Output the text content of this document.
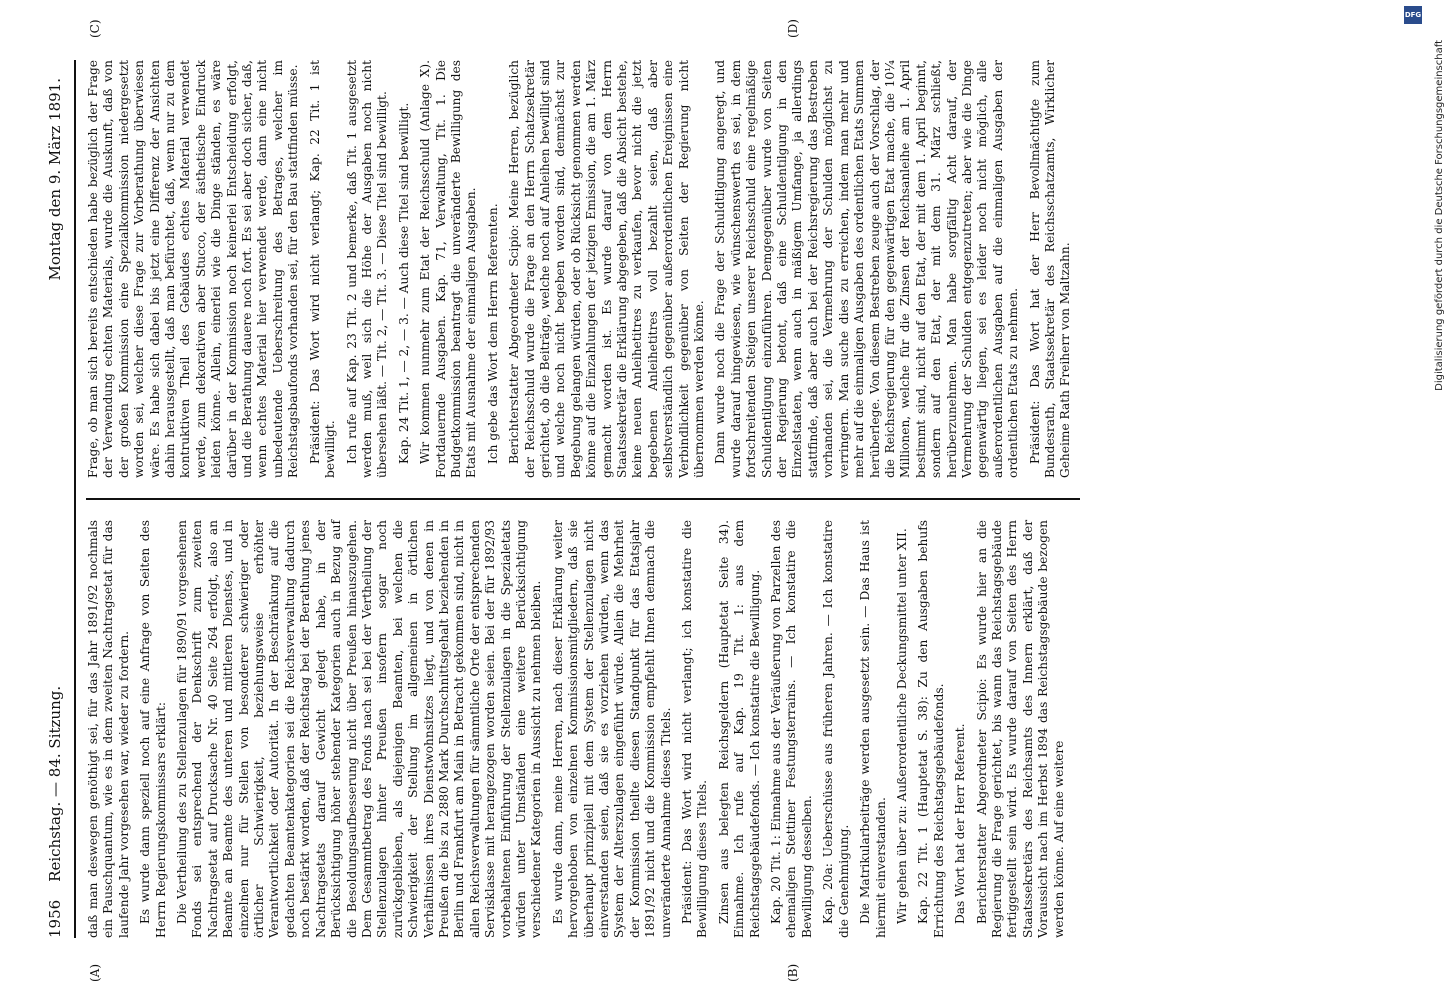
1956
Reichstag. — 84. Sitzung.
Montag den 9. März 1891.
(A)	(B)
(C)	(D)

daß man deswegen genöthigt sei, für das Jahr 1891/92 nochmals ein Pauschquantum, wie es in dem zweiten Nachtragsetat für das laufende Jahr vorgesehen war, wieder zu fordern. Es wurde dann speziell noch auf eine Anfrage von Seiten des Herrn Regierungskommissars erklärt: Die Vertheilung des zu Stellenzulagen für 1890/91 vorgesehenen Fonds sei entsprechend der Denkschrift zum zweiten Nachtragsetat auf Drucksache Nr. 40 Seite 264 erfolgt, also an Beamte an Beamte des unteren und mittleren Dienstes, und in einzelnen nur für Stellen von besonderer schwieriger oder örtlicher Schwierigkeit, beziehungsweise erhöhter Verantwortlichkeit oder Autorität. In der Beschränkung auf die gedachten Beamtenkategorien sei die Reichsverwaltung dadurch noch bestärkt worden, daß der Reichstag bei der Berathung jenes Nachtragsetats darauf Gewicht gelegt habe, in der Berücksichtigung höher stehender Kategorien auch in Bezug auf die Besoldungsaufbesserung nicht über Preußen hinauszugehen. Dem Gesammtbetrag des Fonds nach sei bei der Vertheilung der Stellenzulagen hinter Preußen insofern sogar noch zurückgeblieben, als diejenigen Beamten, bei welchen die Schwierigkeit der Stellung im allgemeinen in örtlichen Verhältnissen ihres Dienstwohnsitzes liegt, und von denen in Preußen die bis zu 2880 Mark Durchschnittsgehalt beziehenden in Berlin und Frankfurt am Main in Betracht gekommen sind, nicht in allen Reichsverwaltungen für sämmtliche Orte der entsprechenden Servisklasse mit herangezogen worden seien. Bei der für 1892/93 vorbehaltenen Einführung der Stellenzulagen in die Spezialetats würden unter Umständen eine weitere Berücksichtigung verschiedener Kategorien in Aussicht zu nehmen bleiben. Es wurde dann, meine Herren, nach dieser Erklärung weiter hervorgehoben von einzelnen Kommissionsmitgliedern, daß sie überhaupt prinzipiell mit dem System der Stellenzulagen nicht einverstanden seien, daß sie es vorziehen würden, wenn das System der Alterszulagen eingeführt würde. Allein die Mehrheit der Kommission theilte diesen Standpunkt für das Etatsjahr 1891/92 nicht und die Kommission empfiehlt Ihnen demnach die unveränderte Annahme dieses Titels. Präsident: Das Wort wird nicht verlangt; ich konstatire die Bewilligung dieses Titels. Zinsen aus belegten Reichsgeldern (Hauptetat Seite 34). Einnahme. Ich rufe auf Kap. 19 Tit. 1: aus dem Reichstagsgebäudefonds. — Ich konstatire die Bewilligung. Kap. 20 Tit. 1: Einnahme aus der Veräußerung von Parzellen des ehemaligen Stettiner Festungsterrains. — Ich konstatire die Bewilligung desselben. Kap. 20a: Ueberschüsse aus früheren Jahren. — Ich konstatire die Genehmigung. Die Matrikularbeiträge werden ausgesetzt sein. — Das Haus ist hiermit einverstanden. Wir gehen über zu: Außerordentliche Deckungsmittel unter XII. Kap. 22 Tit. 1 (Hauptetat S. 38): Zu den Ausgaben behufs Errichtung des Reichstagsgebäudefonds. Das Wort hat der Herr Referent. Berichterstatter Abgeordneter Scipio: Es wurde hier an die Regierung die Frage gerichtet, bis wann das Reichstagsgebäude fertiggestellt sein wird. Es wurde darauf von Seiten des Herrn Staatssekretärs des Reichsamts des Innern erklärt, daß der Voraussicht nach im Herbst 1894 das Reichstagsgebäude bezogen werden könne. Auf eine weitere

Frage, ob man sich bereits entschieden habe bezüglich der Frage der Verwendung echten Materials, wurde die Auskunft, daß von der großen Kommission eine Spezialkommission niedergesetzt worden sei, welcher diese Frage zur Vorberathung überwiesen wäre. Es habe sich dabei bis jetzt eine Differenz der Ansichten dahin herausgestellt, daß man befürchtet, daß, wenn nur zu dem kontruktiven Theil des Gebäudes echtes Material verwendet werde, zum dekorativen aber Stucco, der ästhetische Eindruck leiden könne. Allein, einerlei wie die Dinge ständen, es wäre darüber in der Kommission noch keinerlei Entscheidung erfolgt, und die Berathung dauere noch fort. Es sei aber doch sicher, daß, wenn echtes Material hier verwendet werde, dann eine nicht unbedeutende Ueberschreitung des Betrages, welcher im Reichstagsbaufonds vorhanden sei, für den Bau stattfinden müsse. Präsident: Das Wort wird nicht verlangt; Kap. 22 Tit. 1 ist bewilligt. Ich rufe auf Kap. 23 Tit. 2 und bemerke, daß Tit. 1 ausgesetzt werden muß, weil sich die Höhe der Ausgaben noch nicht übersehen läßt. — Tit. 2, — Tit. 3. — Diese Titel sind bewilligt. Kap. 24 Tit. 1, — 2, — 3. — Auch diese Titel sind bewilligt. Wir kommen nunmehr zum Etat der Reichsschuld (Anlage X). Fortdauernde Ausgaben. Kap. 71, Verwaltung, Tit. 1. Die Budgetkommission beantragt die unveränderte Bewilligung des Etats mit Ausnahme der einmaligen Ausgaben. Ich gebe das Wort dem Herrn Referenten. Berichterstatter Abgeordneter Scipio: Meine Herren, bezüglich der Reichsschuld wurde die Frage an den Herrn Schatzsekretär gerichtet, ob die Beiträge, welche noch auf Anleihen bewilligt sind und welche noch nicht begeben worden sind, demnächst zur Begebung gelangen würden, oder ob Rücksicht genommen werden könne auf die Einzahlungen der jetzigen Emission, die am 1. März gemacht worden ist. Es wurde darauf von dem Herrn Staatssekretär die Erklärung abgegeben, daß die Absicht bestehe, keine neuen Anleihetitres zu verkaufen, bevor nicht die jetzt begebenen Anleihetitres voll bezahlt seien, daß aber selbstverständlich gegenüber außerordentlichen Ereignissen eine Verbindlichkeit gegenüber von Seiten der Regierung nicht übernommen werden könne. Dann wurde noch die Frage der Schuldtilgung angeregt, und wurde darauf hingewiesen, wie wünschenswerth es sei, in dem fortschreitenden Steigen unserer Reichsschuld eine regelmäßige Schuldentilgung einzuführen. Demgegenüber wurde von Seiten der Regierung betont, daß eine Schuldentilgung in den Einzelstaaten, wenn auch in mäßigem Umfange, ja allerdings stattfinde, daß aber auch bei der Reichsregierung das Bestreben vorhanden sei, die Vermehrung der Schulden möglichst zu verringern. Man suche dies zu erreichen, indem man mehr und mehr auf die einmaligen Ausgaben des ordentlichen Etats Summen herüberlege. Von diesem Bestreben zeuge auch der Vorschlag, der die Reichsregierung für den gegenwärtigen Etat mache, die 10¼ Millionen, welche für die Zinsen der Reichsanleihe am 1. April bestimmt sind, nicht auf den Etat, der mit dem 1. April beginnt, sondern auf den Etat, der mit dem 31. März schließt, herüberzunehmen. Man habe sorgfältig Acht darauf, der Vermehrung der Schulden entgegenzutreten; aber wie die Dinge gegenwärtig liegen, sei es leider noch nicht möglich, alle außerordentlichen Ausgaben auf die einmaligen Ausgaben der ordentlichen Etats zu nehmen. Präsident: Das Wort hat der Herr Bevollmächtigte zum Bundesrath, Staatssekretär des Reichsschatzamts, Wirklicher Geheime Rath Freiherr von Maltzahn.

DFG
Digitalisierung gefördert durch die Deutsche Forschungsgemeinschaft
